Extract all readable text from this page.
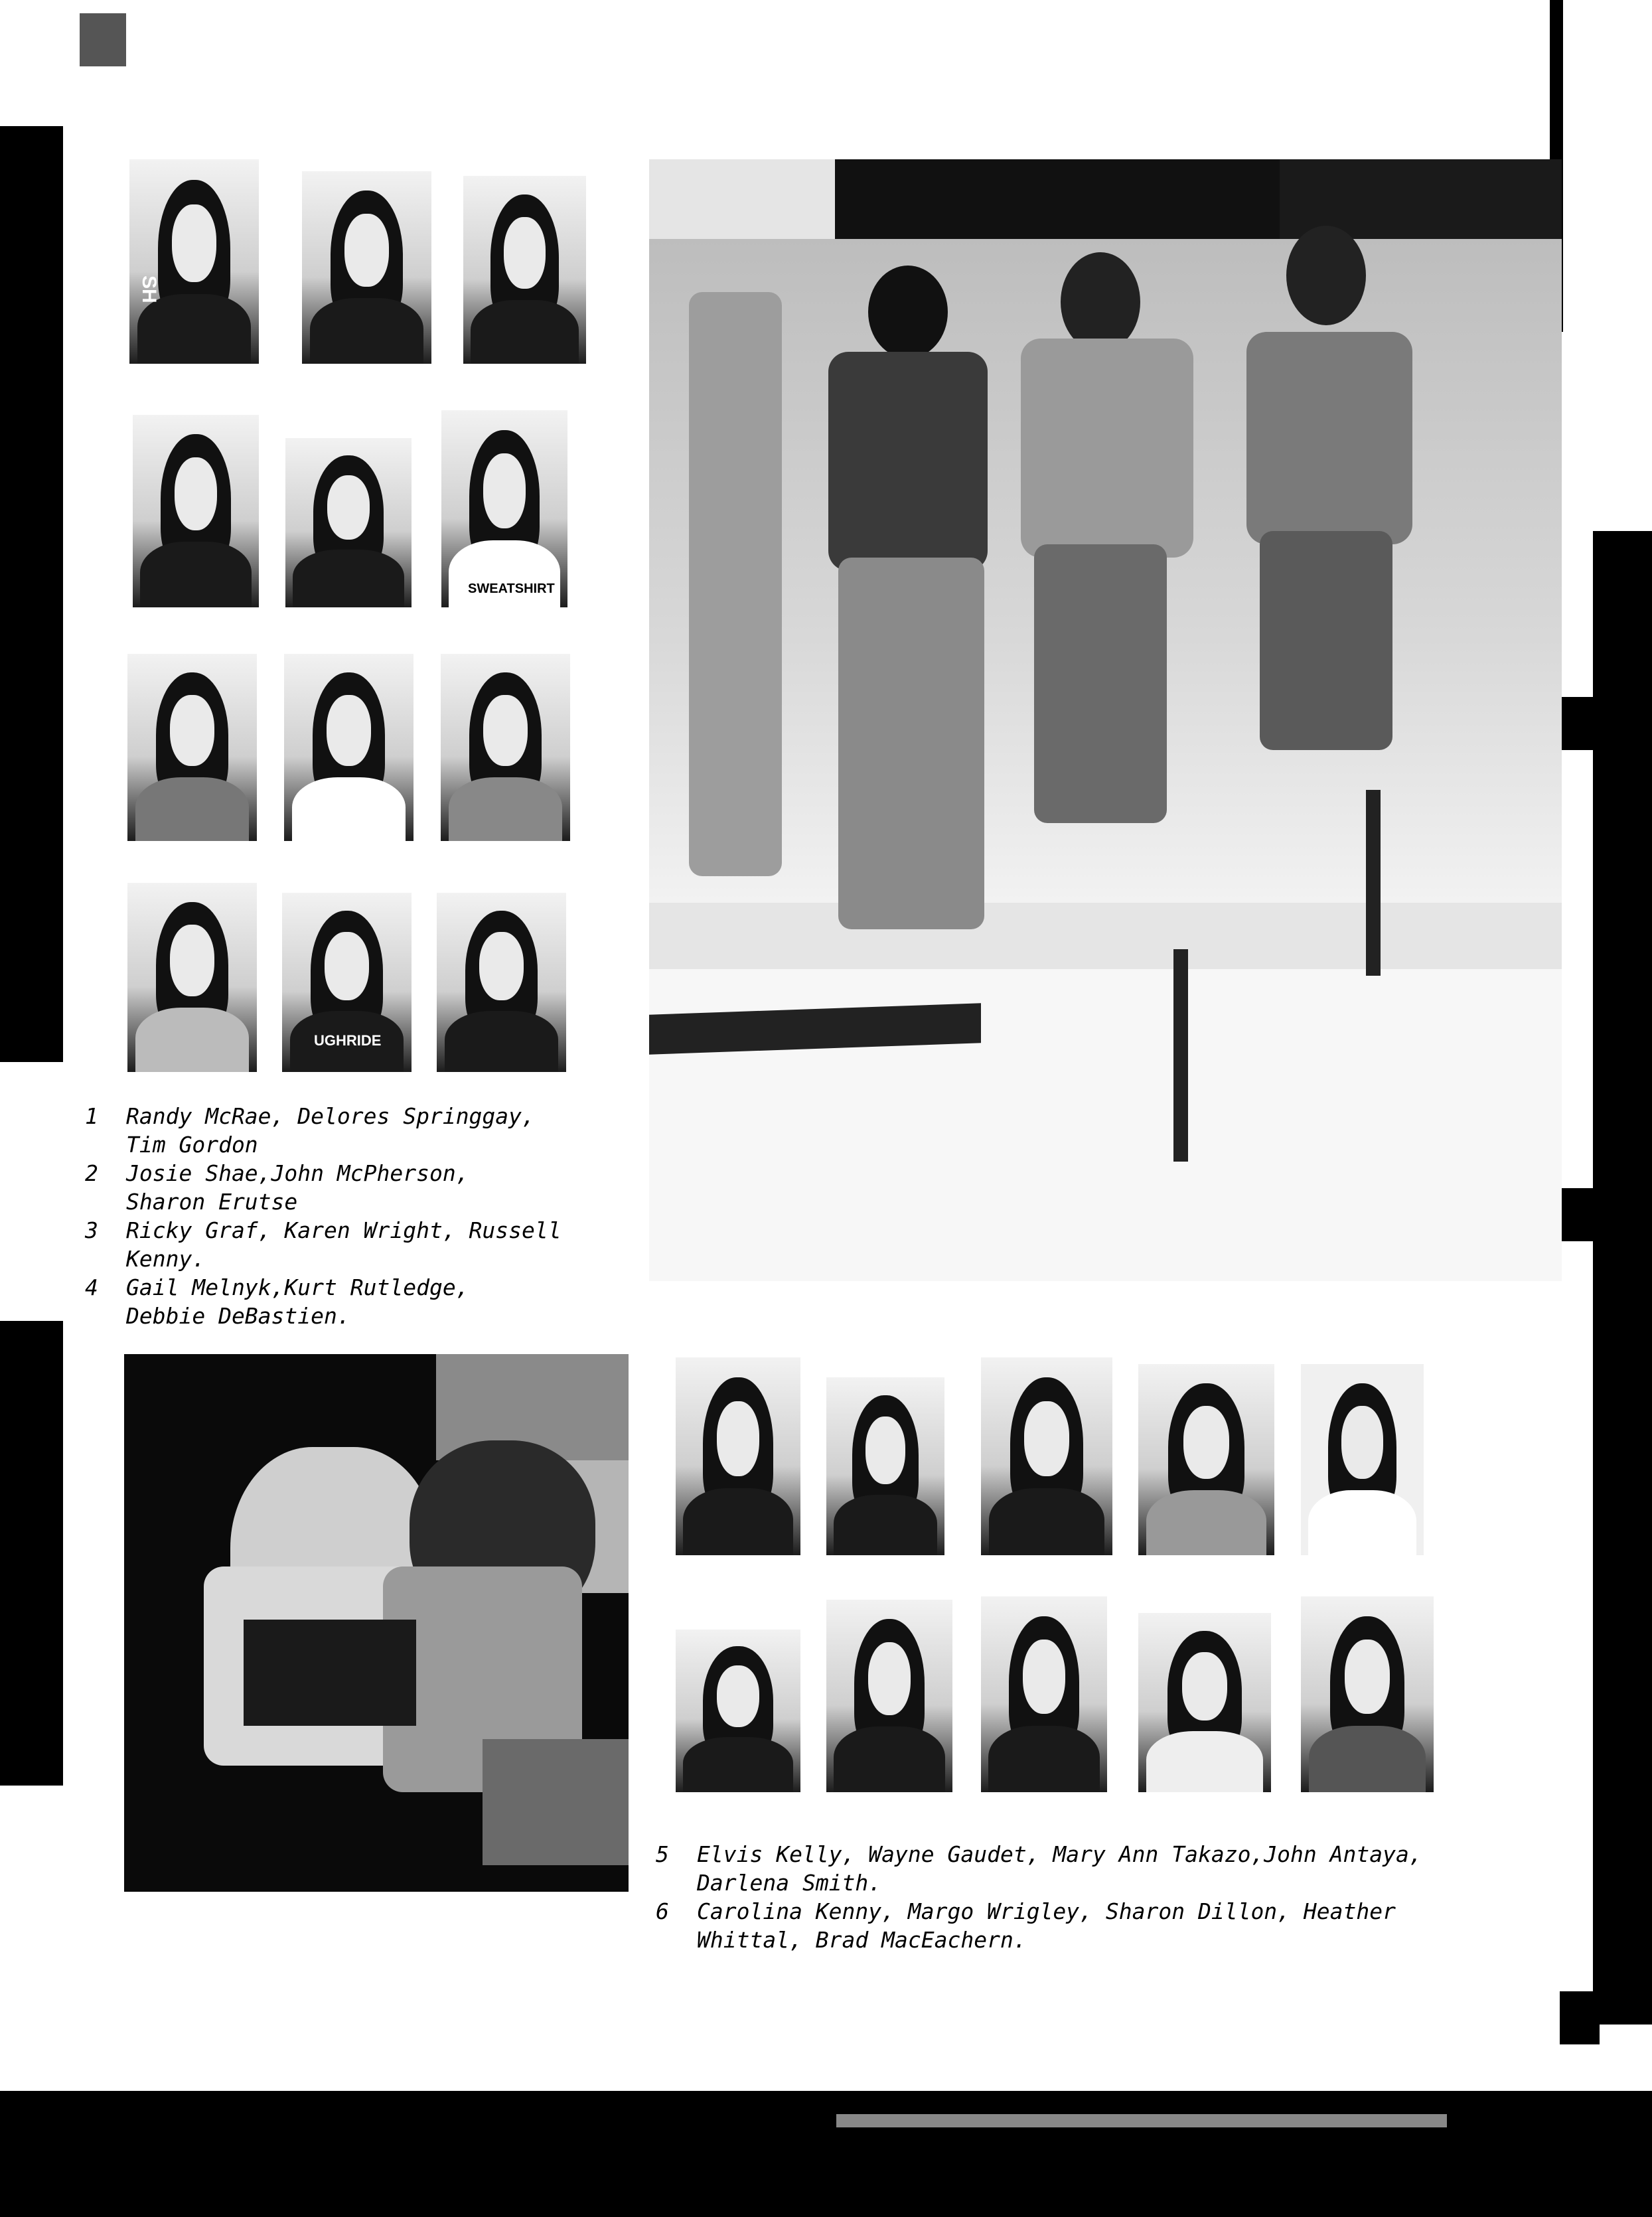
SH
SWEATSHIRT
UGHRIDE
1 Randy McRae, Delores Springgay,
Tim Gordon
2 Josie Shae,John McPherson,
Sharon Erutse
3 Ricky Graf, Karen Wright, Russell
Kenny.
4 Gail Melnyk,Kurt Rutledge,
Debbie DeBastien.
5 Elvis Kelly, Wayne Gaudet, Mary Ann Takazo,John Antaya,
Darlena Smith.
6 Carolina Kenny, Margo Wrigley, Sharon Dillon, Heather
Whittal, Brad MacEachern.
